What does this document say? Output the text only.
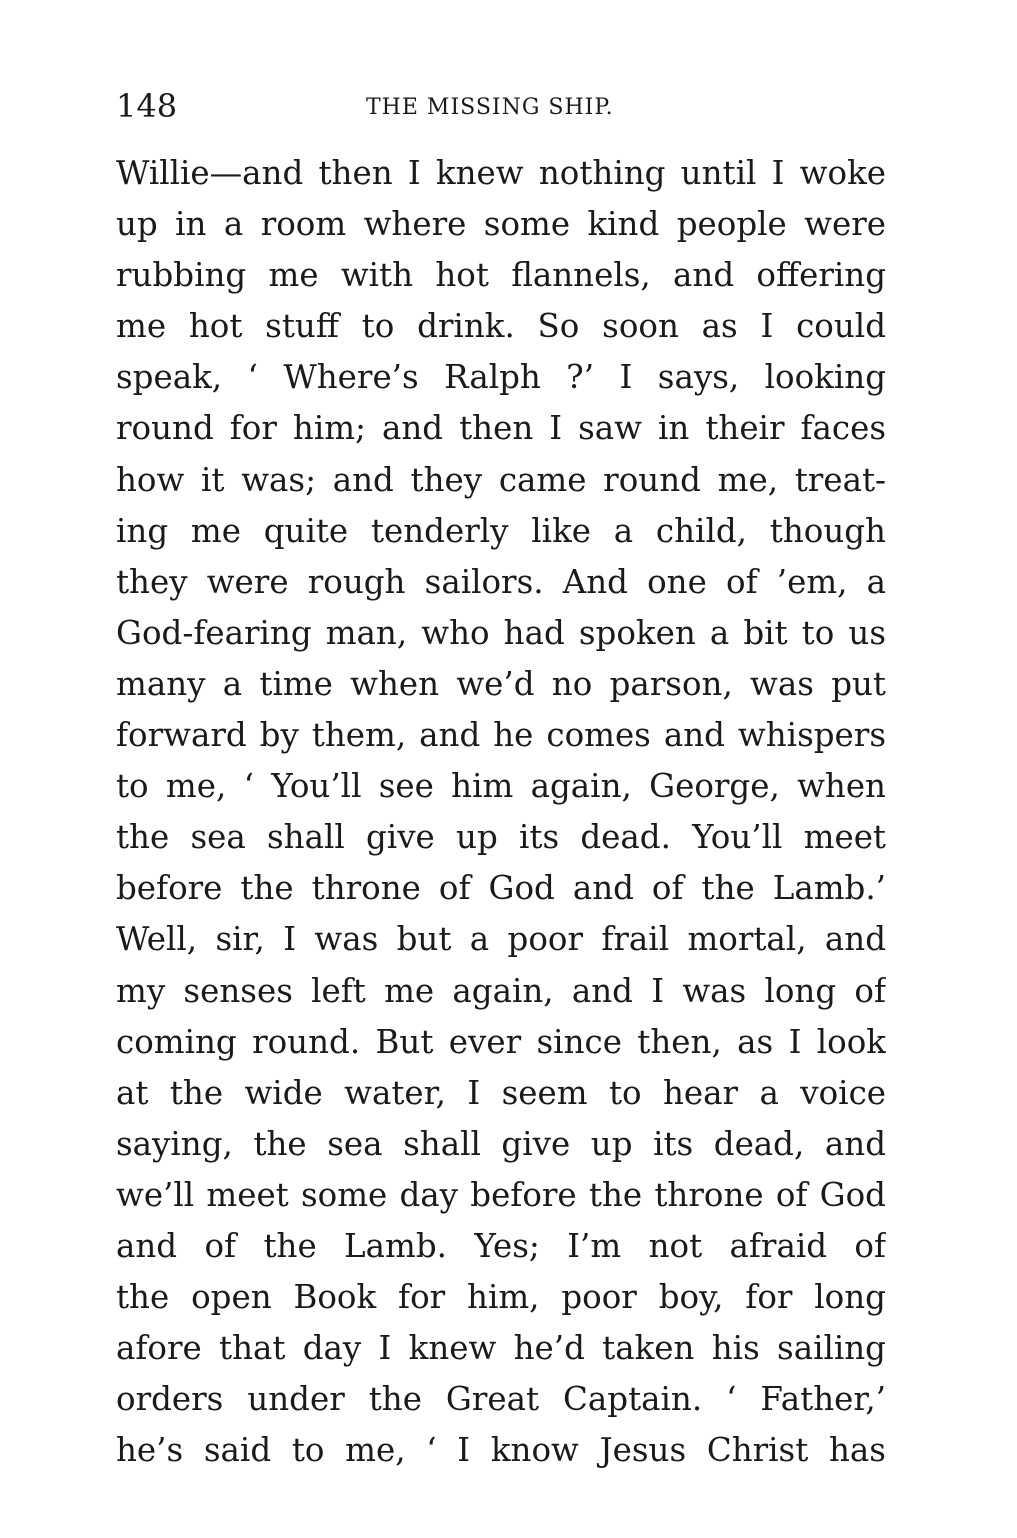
148	THE MISSING SHIP.
Willie—and then I knew nothing until I woke
up in a room where some kind people were
rubbing me with hot flannels, and offering
me hot stuff to drink. So soon as I could
speak, ‘ Where’s Ralph ?’ I says, looking
round for him; and then I saw in their faces
how it was; and they came round me, treat-
ing me quite tenderly like a child, though
they were rough sailors. And one of ’em, a
God-fearing man, who had spoken a bit to us
many a time when we’d no parson, was put
forward by them, and he comes and whispers
to me, ‘ You’ll see him again, George, when
the sea shall give up its dead. You’ll meet
before the throne of God and of the Lamb.’
Well, sir, I was but a poor frail mortal, and
my senses left me again, and I was long of
coming round. But ever since then, as I look
at the wide water, I seem to hear a voice
saying, the sea shall give up its dead, and
we’ll meet some day before the throne of God
and of the Lamb. Yes; I’m not afraid of
the open Book for him, poor boy, for long
afore that day I knew he’d taken his sailing
orders under the Great Captain. ‘ Father,’
he’s said to me, ‘ I know Jesus Christ has
